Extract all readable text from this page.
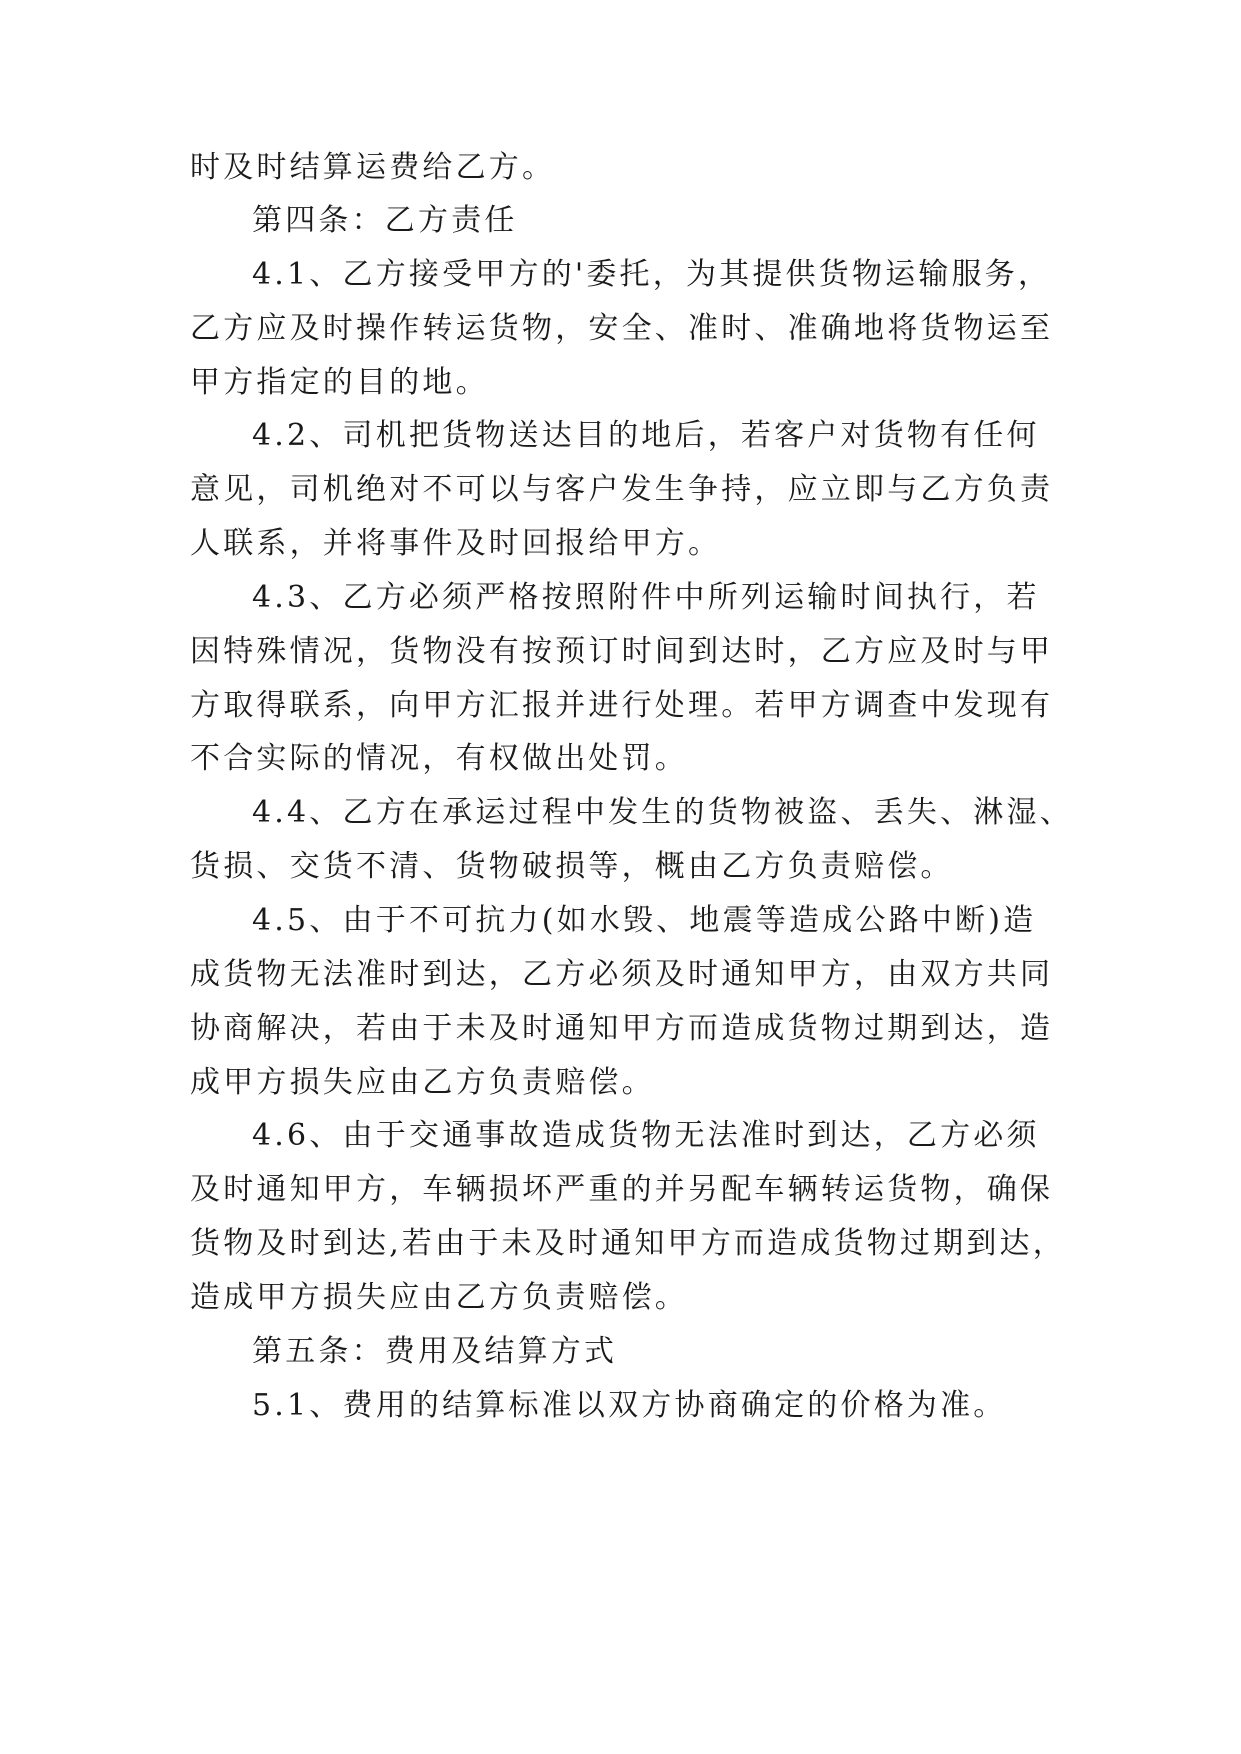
时及时结算运费给乙方。
第四条：乙方责任
4.1、乙方接受甲方的'委托，为其提供货物运输服务，
乙方应及时操作转运货物，安全、准时、准确地将货物运至
甲方指定的目的地。
4.2、司机把货物送达目的地后，若客户对货物有任何
意见，司机绝对不可以与客户发生争持，应立即与乙方负责
人联系，并将事件及时回报给甲方。
4.3、乙方必须严格按照附件中所列运输时间执行，若
因特殊情况，货物没有按预订时间到达时，乙方应及时与甲
方取得联系，向甲方汇报并进行处理。若甲方调查中发现有
不合实际的情况，有权做出处罚。
4.4、乙方在承运过程中发生的货物被盗、丢失、淋湿、
货损、交货不清、货物破损等，概由乙方负责赔偿。
4.5、由于不可抗力(如水毁、地震等造成公路中断)造
成货物无法准时到达，乙方必须及时通知甲方，由双方共同
协商解决，若由于未及时通知甲方而造成货物过期到达，造
成甲方损失应由乙方负责赔偿。
4.6、由于交通事故造成货物无法准时到达，乙方必须
及时通知甲方，车辆损坏严重的并另配车辆转运货物，确保
货物及时到达,若由于未及时通知甲方而造成货物过期到达，
造成甲方损失应由乙方负责赔偿。
第五条：费用及结算方式
5.1、费用的结算标准以双方协商确定的价格为准。
